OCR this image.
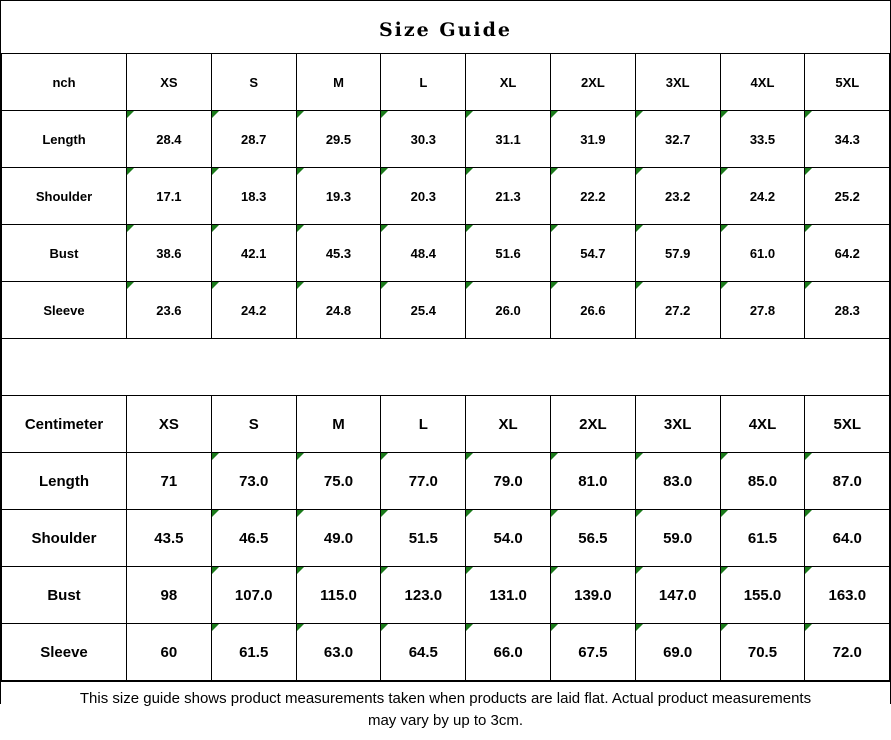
Size Guide
nch	XS	S	M	L	XL	2XL	3XL	4XL	5XL
Length	28.4	28.7	29.5	30.3	31.1	31.9	32.7	33.5	34.3
Shoulder	17.1	18.3	19.3	20.3	21.3	22.2	23.2	24.2	25.2
Bust	38.6	42.1	45.3	48.4	51.6	54.7	57.9	61.0	64.2
Sleeve	23.6	24.2	24.8	25.4	26.0	26.6	27.2	27.8	28.3
Centimeter	XS	S	M	L	XL	2XL	3XL	4XL	5XL
Length	71	73.0	75.0	77.0	79.0	81.0	83.0	85.0	87.0
Shoulder	43.5	46.5	49.0	51.5	54.0	56.5	59.0	61.5	64.0
Bust	98	107.0	115.0	123.0	131.0	139.0	147.0	155.0	163.0
Sleeve	60	61.5	63.0	64.5	66.0	67.5	69.0	70.5	72.0
This size guide shows product measurements taken when products are laid flat. Actual product measurements
may vary by up to 3cm.
